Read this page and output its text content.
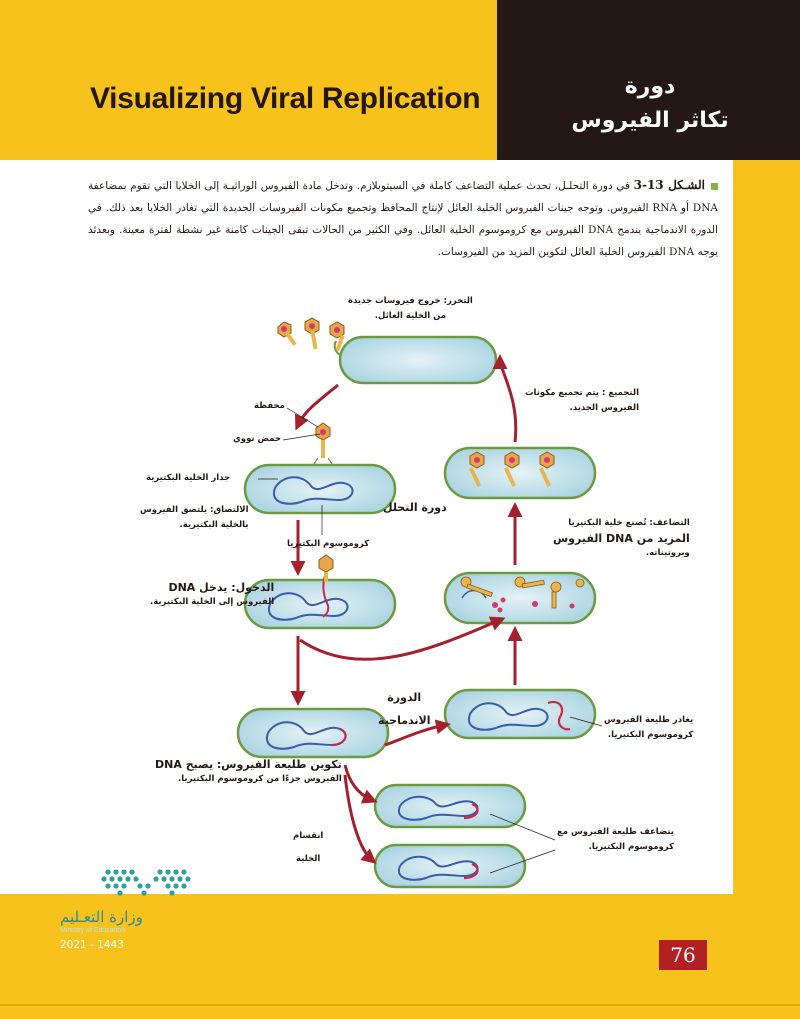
Visualizing Viral Replication	دورة
تكاثر الفيروس
الشـكل 13-3 في دورة التحلـل، تحدث عملية التضاعف كاملة في السيتوبلازم. وتدخل مادة الفيروس الوراثيـة إلى الخلايا التي تقوم بمضاعفة DNA أو RNA الفيروس. وتوجه جينات الفيروس الخلية العائل لإنتاج المحافظ وتجميع مكونات الفيروسات الجديدة التي تغادر الخلايا بعد ذلك. في الدورة الاندماجية يندمج DNA الفيروس مع كروموسوم الخلية العائل. وفي الكثير من الحالات تبقى الجينات كامنة غير نشطة لفترة معينة. وبعدئذ يوجه DNA الفيروس الخليةَ العائل لتكوين المزيد من الفيروسات.
التحرر: خروج فيروسات جديدة
من الخلية العائل.
التجميع : يتم تجميع مكونات
الفيروس الجديد.
محفظة
حمض نووي
جدار الخلية البكتيرية
الالتصاق: يلتصق الفيروس
بالخلية البكتيرية.
دورة التحلل
كروموسوم البكتيريا
التضاعف: تُصنع خلية البكتيريا
المزيد من DNA الفيروس
وبروتيناته.
الدخول: يدخل DNA
الفيروس إلى الخلية البكتيرية.
الدورة
الاندماجية	يغادر طليعة الفيروس
كروموسوم البكتيريا.
تكوين طليعة الفيروس: يصبح DNA
الفيروس جزءًا من كروموسوم البكتيريا.
انقسام
الخلية
يتضاعف طليعة الفيروس مع
كروموسوم البكتيريا.
وزارة التعـليم
Ministry of Education
2021 - 1443	76
